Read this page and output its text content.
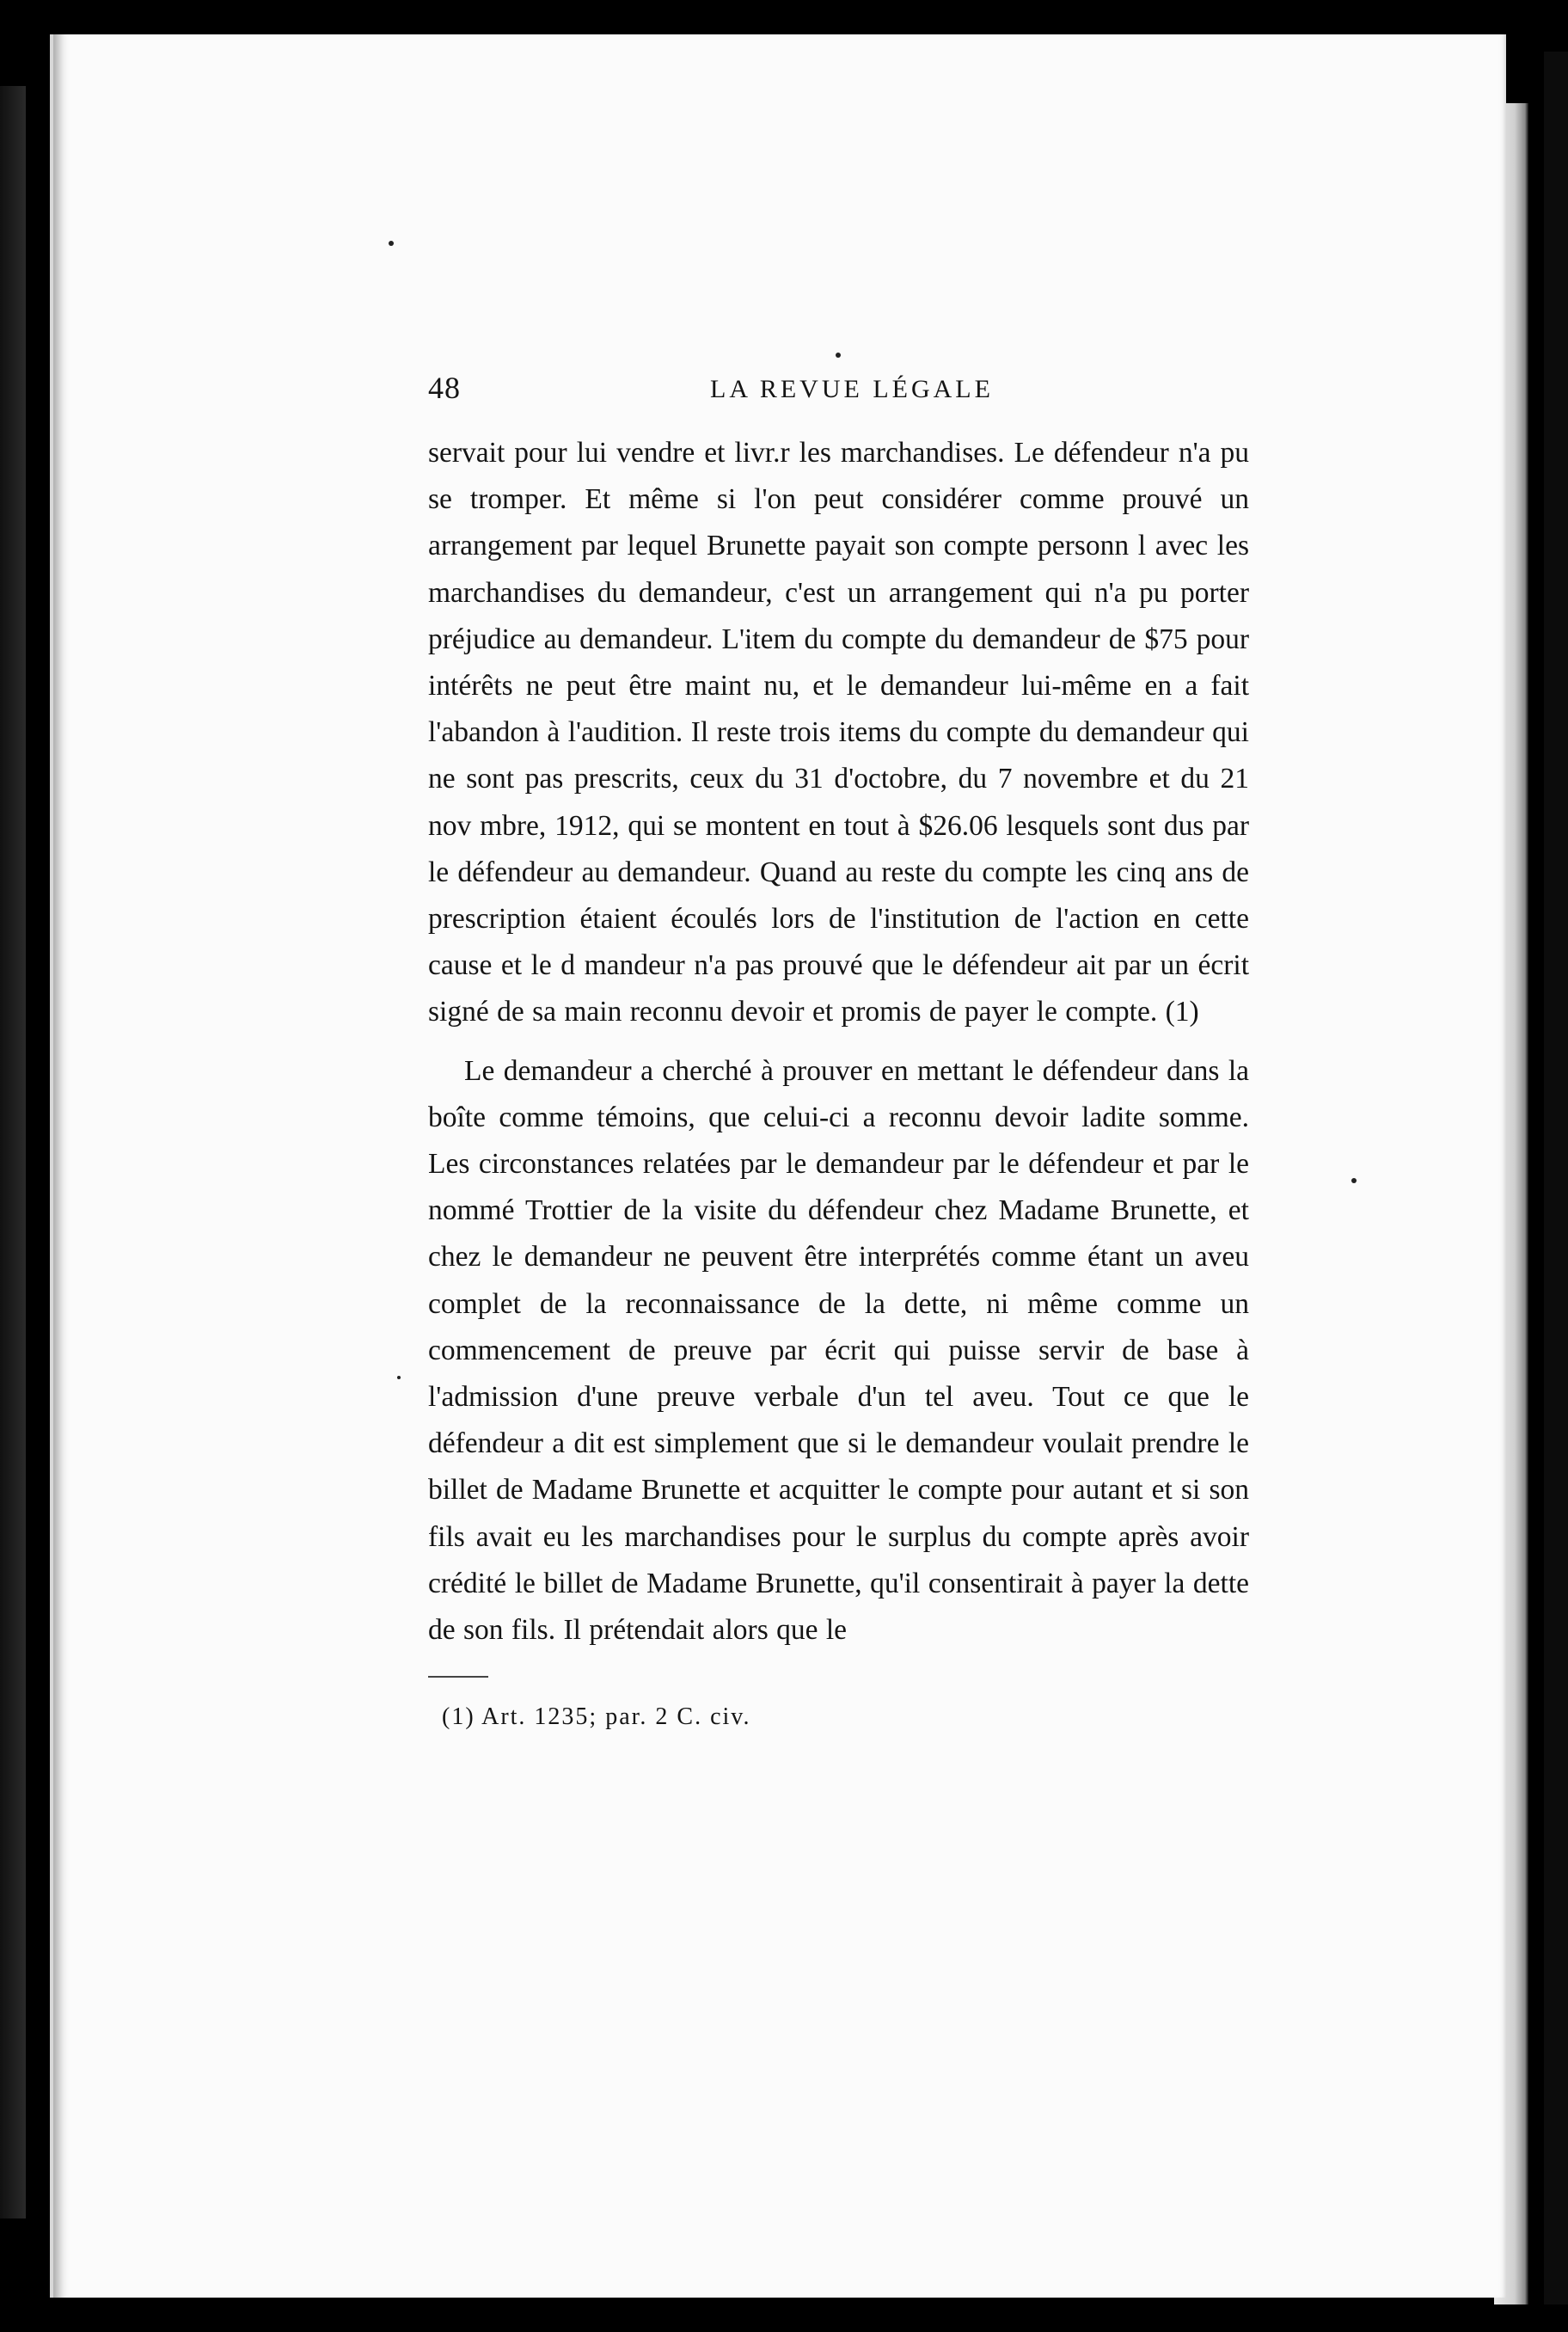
48	LA REVUE LÉGALE

servait pour lui vendre et livr.r les marchandises. Le défendeur n'a pu se tromper. Et même si l'on peut considérer comme prouvé un arrangement par lequel Brunette payait son compte personn l avec les marchandises du demandeur, c'est un arrangement qui n'a pu porter préjudice au demandeur. L'item du compte du demandeur de $75 pour intérêts ne peut être maint nu, et le demandeur lui-même en a fait l'abandon à l'audition. Il reste trois items du compte du demandeur qui ne sont pas prescrits, ceux du 31 d'octobre, du 7 novembre et du 21 nov mbre, 1912, qui se montent en tout à $26.06 lesquels sont dus par le défendeur au demandeur. Quand au reste du compte les cinq ans de prescription étaient écoulés lors de l'institution de l'action en cette cause et le d mandeur n'a pas prouvé que le défendeur ait par un écrit signé de sa main reconnu devoir et promis de payer le compte. (1)

Le demandeur a cherché à prouver en mettant le défendeur dans la boîte comme témoins, que celui-ci a reconnu devoir ladite somme. Les circonstances relatées par le demandeur par le défendeur et par le nommé Trottier de la visite du défendeur chez Madame Brunette, et chez le demandeur ne peuvent être interprétés comme étant un aveu complet de la reconnaissance de la dette, ni même comme un commencement de preuve par écrit qui puisse servir de base à l'admission d'une preuve verbale d'un tel aveu. Tout ce que le défendeur a dit est simplement que si le demandeur voulait prendre le billet de Madame Brunette et acquitter le compte pour autant et si son fils avait eu les marchandises pour le surplus du compte après avoir crédité le billet de Madame Brunette, qu'il consentirait à payer la dette de son fils. Il prétendait alors que le

(1) Art. 1235; par. 2 C. civ.
